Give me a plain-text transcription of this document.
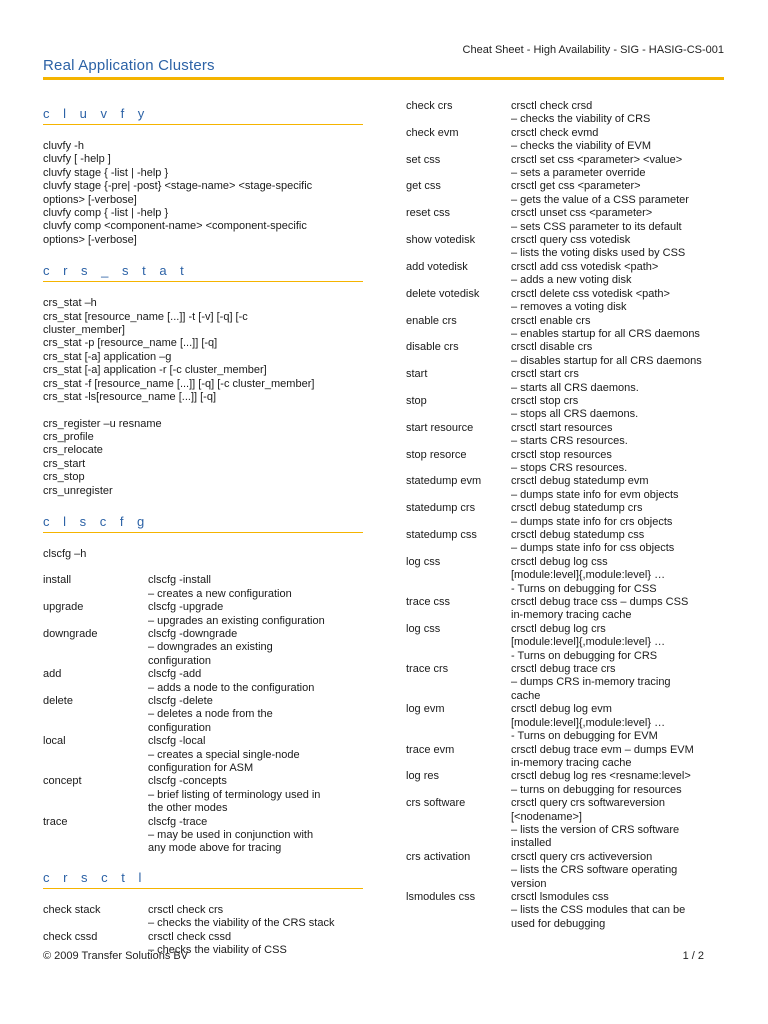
Cheat Sheet - High Availability - SIG - HASIG-CS-001
Real Application Clusters
c l u v f y
cluvfy -h
cluvfy [ -help ]
cluvfy stage { -list | -help }
cluvfy stage {-pre| -post} <stage-name> <stage-specific
options> [-verbose]
cluvfy comp { -list | -help }
cluvfy comp <component-name> <component-specific
options> [-verbose]
c r s _ s t a t
crs_stat –h
crs_stat [resource_name [...]] -t [-v] [-q] [-c
cluster_member]
crs_stat -p [resource_name [...]] [-q]
crs_stat [-a] application –g
crs_stat [-a] application -r [-c cluster_member]
crs_stat -f [resource_name [...]] [-q] [-c cluster_member]
crs_stat -ls[resource_name [...]] [-q]
crs_register –u resname
crs_profile
crs_relocate
crs_start
crs_stop
crs_unregister
c l s c f g
clscfg –h
install	clscfg -install
– creates a new configuration
upgrade	clscfg -upgrade
– upgrades an existing configuration
downgrade	clscfg -downgrade
– downgrades an existing
configuration
add	clscfg -add
– adds a node to the configuration
delete	clscfg -delete
– deletes a node from the
configuration
local	clscfg -local
– creates a special single-node
configuration for ASM
concept	clscfg -concepts
– brief listing of terminology used in
the other modes
trace	clscfg -trace
– may be used in conjunction with
any mode above for tracing
c r s c t l
check stack	crsctl check crs
– checks the viability of the CRS stack
check cssd	crsctl check cssd
– checks the viability of CSS
check crs	crsctl check crsd
– checks the viability of CRS
check evm	crsctl check evmd
– checks the viability of EVM
set css	crsctl set css <parameter> <value>
– sets a parameter override
get css	crsctl get css <parameter>
– gets the value of a CSS parameter
reset css	crsctl unset css <parameter>
– sets CSS parameter to its default
show votedisk	crsctl query css votedisk
– lists the voting disks used by CSS
add votedisk	crsctl add css votedisk <path>
– adds a new voting disk
delete votedisk	crsctl delete css votedisk <path>
– removes a voting disk
enable crs	crsctl enable crs
– enables startup for all CRS daemons
disable crs	crsctl disable crs
– disables startup for all CRS daemons
start	crsctl start crs
– starts all CRS daemons.
stop	crsctl stop crs
– stops all CRS daemons.
start resource	crsctl start resources
– starts CRS resources.
stop resorce	crsctl stop resources
– stops CRS resources.
statedump evm	crsctl debug statedump evm
– dumps state info for evm objects
statedump crs	crsctl debug statedump crs
– dumps state info for crs objects
statedump css	crsctl debug statedump css
– dumps state info for css objects
log css	crsctl debug log css
[module:level]{,module:level} …
- Turns on debugging for CSS
trace css	crsctl debug trace css – dumps CSS
in-memory tracing cache
log css	crsctl debug log crs
[module:level]{,module:level} …
- Turns on debugging for CRS
trace crs	crsctl debug trace crs
– dumps CRS in-memory tracing
cache
log evm	crsctl debug log evm
[module:level]{,module:level} …
- Turns on debugging for EVM
trace evm	crsctl debug trace evm – dumps EVM
in-memory tracing cache
log res	crsctl debug log res <resname:level>
– turns on debugging for resources
crs software	crsctl query crs softwareversion
[<nodename>]
– lists the version of CRS software
installed
crs activation	crsctl query crs activeversion
– lists the CRS software operating
version
lsmodules css	crsctl lsmodules css
– lists the CSS modules that can be
used for debugging
© 2009 Transfer Solutions BV	1 / 2
